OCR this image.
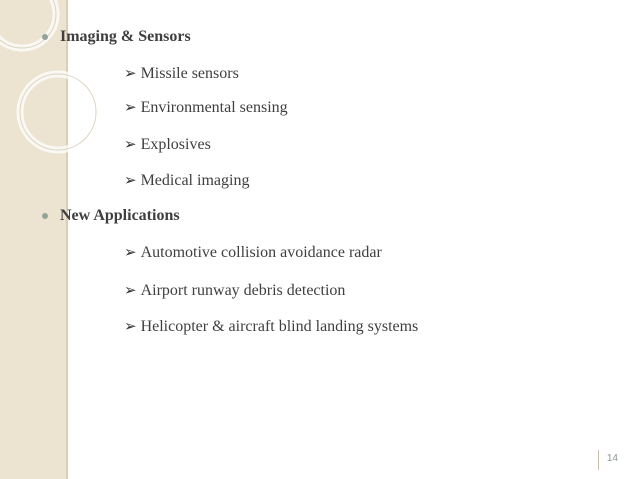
Imaging & Sensors
➢ Missile sensors
➢ Environmental sensing
➢ Explosives
➢ Medical imaging
New Applications
➢ Automotive collision avoidance radar
➢ Airport runway debris detection
➢ Helicopter & aircraft blind landing systems
14
